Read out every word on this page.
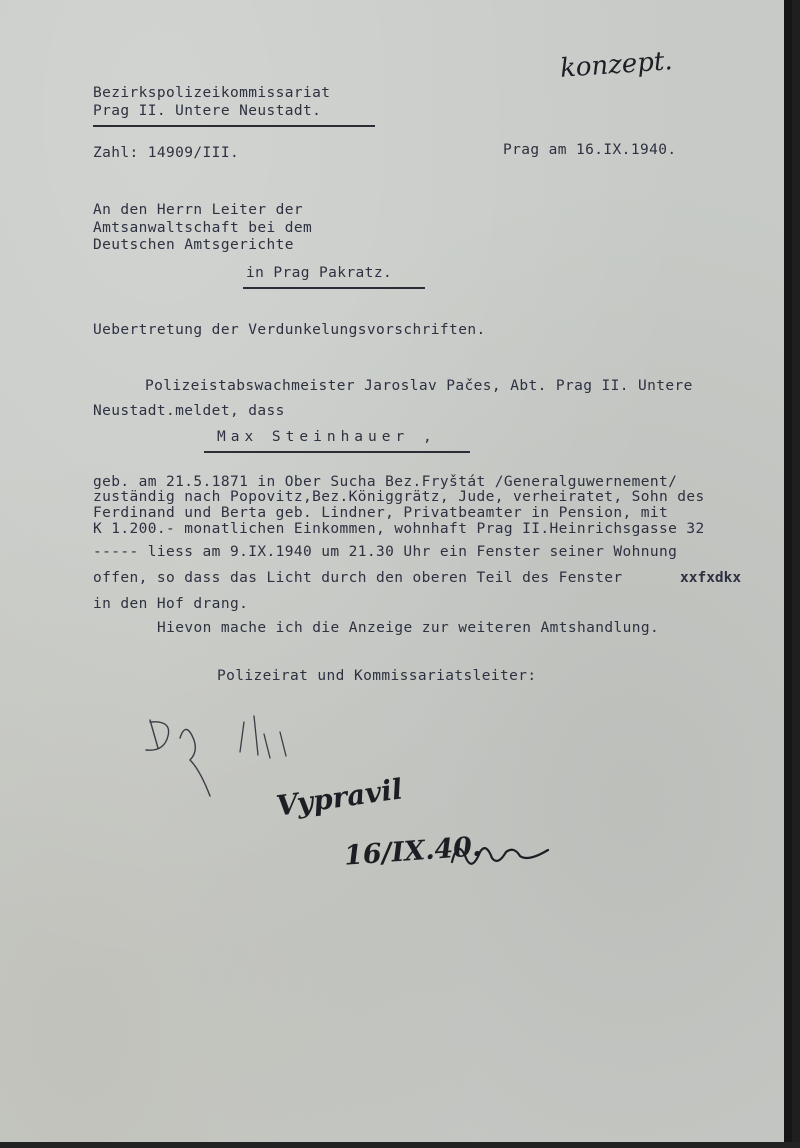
konzept.
Bezirkspolizeikommissariat
Prag II. Untere Neustadt.
Zahl: 14909/III.	Prag am 16.IX.1940.
An den Herrn Leiter der
Amtsanwaltschaft bei dem
Deutschen Amtsgerichte
in Prag Pakratz.
Uebertretung der Verdunkelungsvorschriften.
Polizeistabswachmeister Jaroslav Pačes, Abt. Prag II. Untere
Neustadt.meldet, dass
Max Steinhauer ,
geb. am 21.5.1871 in Ober Sucha Bez.Fryštát /Generalguwernement/
zuständig nach Popovitz,Bez.Königgrätz, Jude, verheiratet, Sohn des
Ferdinand und Berta geb. Lindner, Privatbeamter in Pension, mit
K 1.200.- monatlichen Einkommen, wohnhaft Prag II.Heinrichsgasse 32
----- liess am 9.IX.1940 um 21.30 Uhr ein Fenster seiner Wohnung
offen, so dass das Licht durch den oberen Teil des Fenster	xxfxdkx
in den Hof drang.
Hievon mache ich die Anzeige zur weiteren Amtshandlung.
Polizeirat und Kommissariatsleiter:
Vypravil
16/IX.40.
